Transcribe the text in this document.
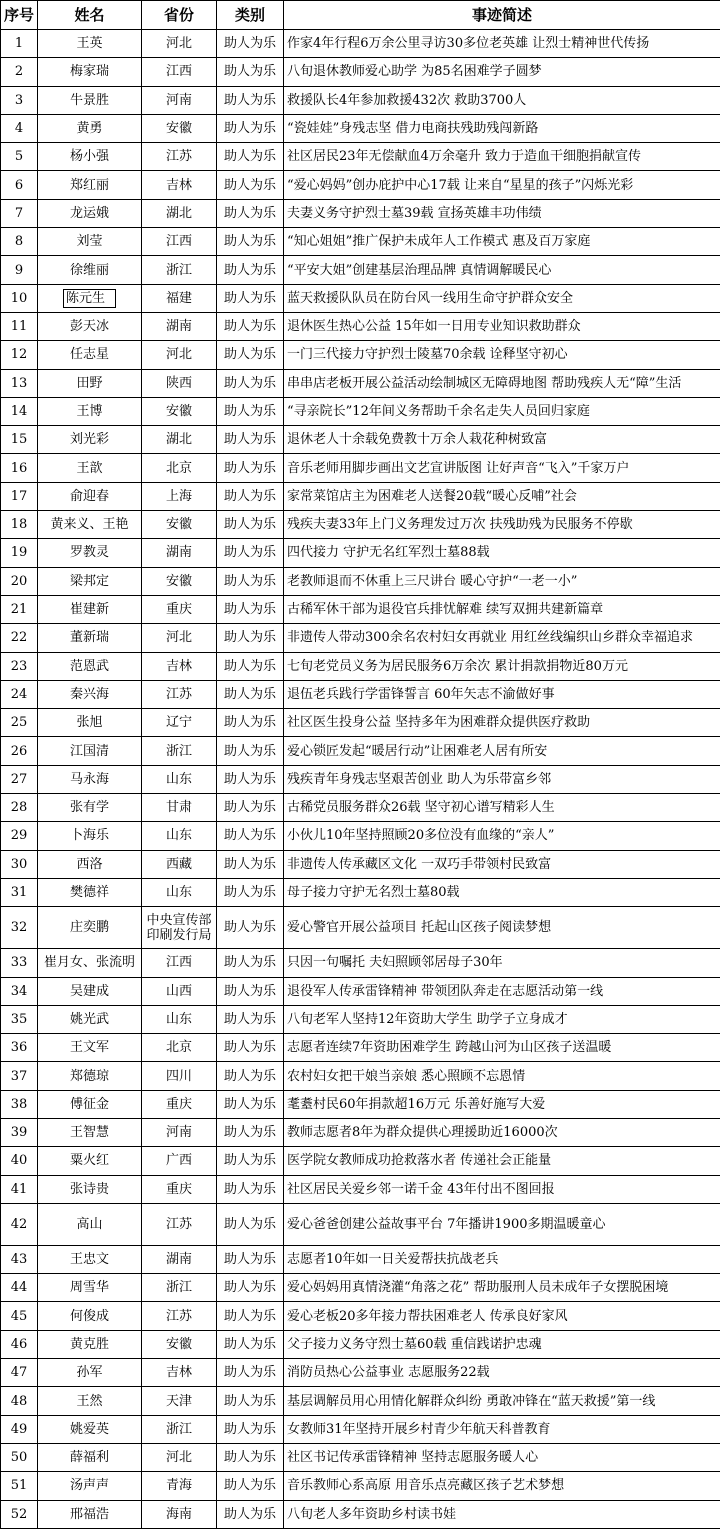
序号	姓名	省份	类别	事迹简述
1	王英	河北	助人为乐	作家4年行程6万余公里寻访30多位老英雄 让烈士精神世代传扬
2	梅家瑞	江西	助人为乐	八旬退休教师爱心助学 为85名困难学子圆梦
3	牛景胜	河南	助人为乐	救援队长4年参加救援432次 救助3700人
4	黄勇	安徽	助人为乐	“瓷娃娃”身残志坚 借力电商扶残助残闯新路
5	杨小强	江苏	助人为乐	社区居民23年无偿献血4万余毫升 致力于造血干细胞捐献宣传
6	郑红丽	吉林	助人为乐	“爱心妈妈”创办庇护中心17载 让来自“星星的孩子”闪烁光彩
7	龙运娥	湖北	助人为乐	夫妻义务守护烈士墓39载 宣扬英雄丰功伟绩
8	刘莹	江西	助人为乐	“知心姐姐”推广保护未成年人工作模式 惠及百万家庭
9	徐维丽	浙江	助人为乐	“平安大姐”创建基层治理品牌 真情调解暖民心
10	陈元生	福建	助人为乐	蓝天救援队队员在防台风一线用生命守护群众安全
11	彭天冰	湖南	助人为乐	退休医生热心公益 15年如一日用专业知识救助群众
12	任志星	河北	助人为乐	一门三代接力守护烈士陵墓70余载 诠释坚守初心
13	田野	陕西	助人为乐	串串店老板开展公益活动绘制城区无障碍地图 帮助残疾人无“障”生活
14	王博	安徽	助人为乐	“寻亲院长”12年间义务帮助千余名走失人员回归家庭
15	刘光彩	湖北	助人为乐	退休老人十余载免费教十万余人栽花种树致富
16	王歆	北京	助人为乐	音乐老师用脚步画出文艺宣讲版图 让好声音“飞入”千家万户
17	俞迎春	上海	助人为乐	家常菜馆店主为困难老人送餐20载“暖心反哺”社会
18	黄来义、王艳	安徽	助人为乐	残疾夫妻33年上门义务理发过万次 扶残助残为民服务不停歇
19	罗教灵	湖南	助人为乐	四代接力 守护无名红军烈士墓88载
20	梁邦定	安徽	助人为乐	老教师退而不休重上三尺讲台 暖心守护“一老一小”
21	崔建新	重庆	助人为乐	古稀军休干部为退役官兵排忧解难 续写双拥共建新篇章
22	董新瑞	河北	助人为乐	非遗传人带动300余名农村妇女再就业 用红丝线编织山乡群众幸福追求
23	范恩武	吉林	助人为乐	七旬老党员义务为居民服务6万余次 累计捐款捐物近80万元
24	秦兴海	江苏	助人为乐	退伍老兵践行学雷锋誓言 60年矢志不渝做好事
25	张旭	辽宁	助人为乐	社区医生投身公益 坚持多年为困难群众提供医疗救助
26	江国清	浙江	助人为乐	爱心锁匠发起“暖居行动”让困难老人居有所安
27	马永海	山东	助人为乐	残疾青年身残志坚艰苦创业 助人为乐带富乡邻
28	张有学	甘肃	助人为乐	古稀党员服务群众26载 坚守初心谱写精彩人生
29	卜海乐	山东	助人为乐	小伙儿10年坚持照顾20多位没有血缘的“亲人”
30	西洛	西藏	助人为乐	非遗传人传承藏区文化 一双巧手带领村民致富
31	樊德祥	山东	助人为乐	母子接力守护无名烈士墓80载
32	庄奕鹏	中央宣传部印刷发行局	助人为乐	爱心警官开展公益项目 托起山区孩子阅读梦想
33	崔月女、张流明	江西	助人为乐	只因一句嘱托 夫妇照顾邻居母子30年
34	吴建成	山西	助人为乐	退役军人传承雷锋精神 带领团队奔走在志愿活动第一线
35	姚光武	山东	助人为乐	八旬老军人坚持12年资助大学生 助学子立身成才
36	王文军	北京	助人为乐	志愿者连续7年资助困难学生 跨越山河为山区孩子送温暖
37	郑德琼	四川	助人为乐	农村妇女把干娘当亲娘 悉心照顾不忘恩情
38	傅征金	重庆	助人为乐	耄耋村民60年捐款超16万元 乐善好施写大爱
39	王智慧	河南	助人为乐	教师志愿者8年为群众提供心理援助近16000次
40	粟火红	广西	助人为乐	医学院女教师成功抢救落水者 传递社会正能量
41	张诗贵	重庆	助人为乐	社区居民关爱乡邻一诺千金 43年付出不图回报
42	高山	江苏	助人为乐	爱心爸爸创建公益故事平台 7年播讲1900多期温暖童心
43	王忠文	湖南	助人为乐	志愿者10年如一日关爱帮扶抗战老兵
44	周雪华	浙江	助人为乐	爱心妈妈用真情浇灌“角落之花” 帮助服刑人员未成年子女摆脱困境
45	何俊成	江苏	助人为乐	爱心老板20多年接力帮扶困难老人 传承良好家风
46	黄克胜	安徽	助人为乐	父子接力义务守烈士墓60载 重信践诺护忠魂
47	孙军	吉林	助人为乐	消防员热心公益事业 志愿服务22载
48	王然	天津	助人为乐	基层调解员用心用情化解群众纠纷 勇敢冲锋在“蓝天救援”第一线
49	姚爱英	浙江	助人为乐	女教师31年坚持开展乡村青少年航天科普教育
50	薛福利	河北	助人为乐	社区书记传承雷锋精神 坚持志愿服务暖人心
51	汤声声	青海	助人为乐	音乐教师心系高原 用音乐点亮藏区孩子艺术梦想
52	邢福浩	海南	助人为乐	八旬老人多年资助乡村读书娃
